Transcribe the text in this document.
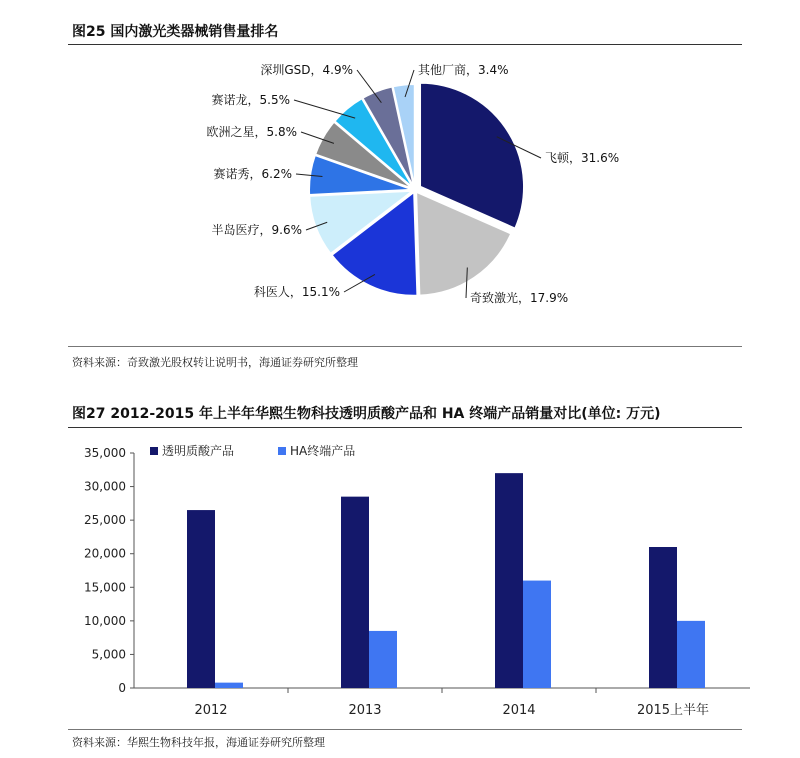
图25 国内激光类器械销售量排名
飞顿，31.6%
奇致激光，17.9%
科医人，15.1%
半岛医疗，9.6%
赛诺秀，6.2%
欧洲之星，5.8%
赛诺龙，5.5%
深圳GSD，4.9%	其他厂商，3.4%
资料来源：奇致激光股权转让说明书，海通证券研究所整理
图27 2012-2015 年上半年华熙生物科技透明质酸产品和 HA 终端产品销量对比(单位: 万元)
0
5,000
10,000
15,000
20,000
25,000
30,000
35,000
2012	2013	2014	2015上半年
透明质酸产品	HA终端产品
资料来源：华熙生物科技年报，海通证券研究所整理
